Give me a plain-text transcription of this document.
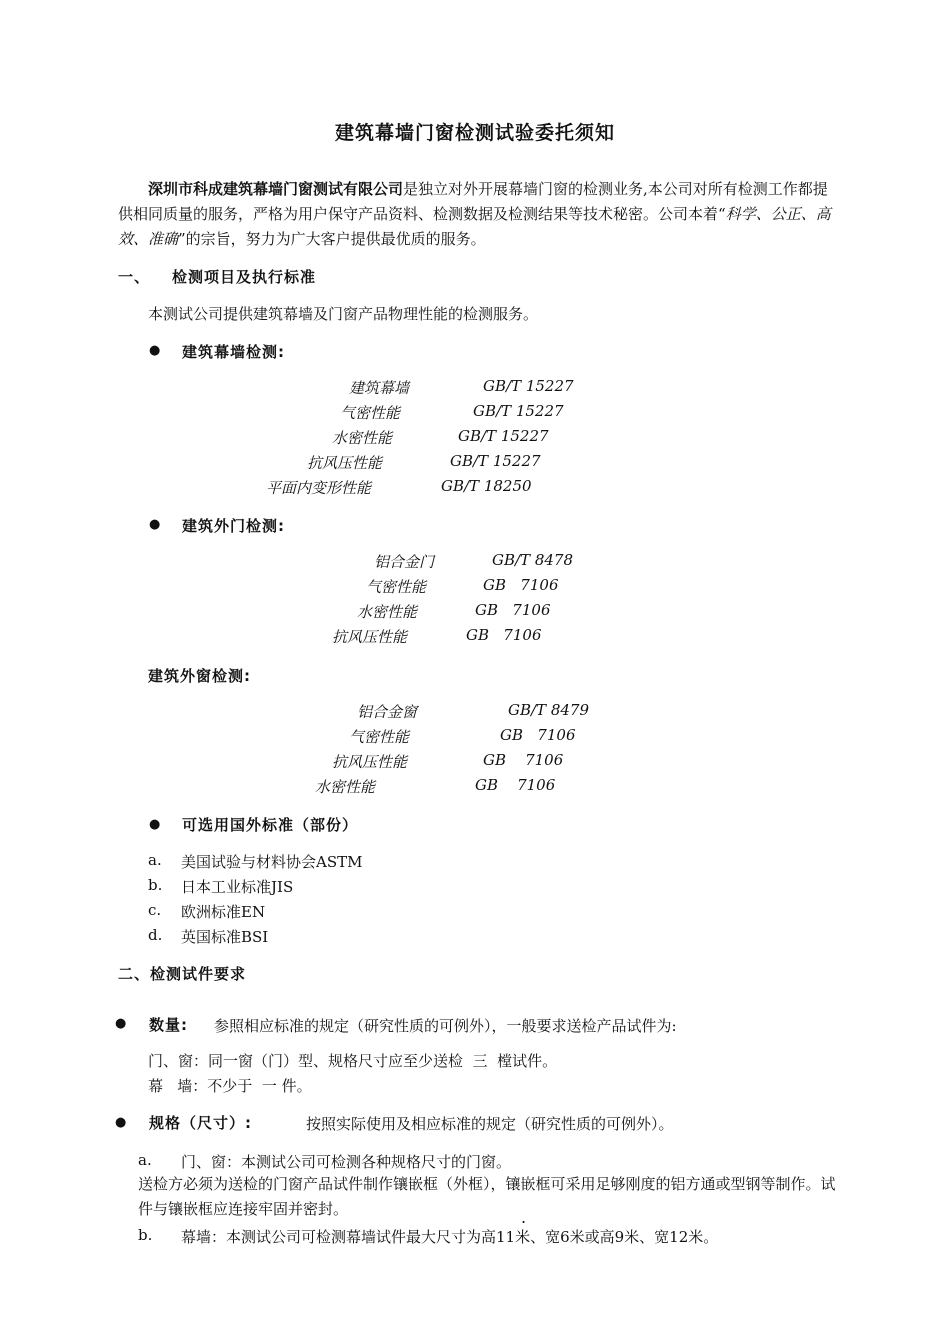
建筑幕墙门窗检测试验委托须知
深圳市科成建筑幕墙门窗测试有限公司是独立对外开展幕墙门窗的检测业务,本公司对所有检测工作都提供相同质量的服务，严格为用户保守产品资料、检测数据及检测结果等技术秘密。公司本着“科学、公正、高效、准确”的宗旨，努力为广大客户提供最优质的服务。
一、 检测项目及执行标准
本测试公司提供建筑幕墙及门窗产品物理性能的检测服务。
● 建筑幕墙检测:
建筑幕墙	GB/T 15227
气密性能	GB/T 15227
水密性能	GB/T 15227
抗风压性能	GB/T 15227
平面内变形性能	GB/T 18250
● 建筑外门检测:
铝合金门	GB/T 8478
气密性能	GB   7106
水密性能	GB   7106
抗风压性能	GB   7106
建筑外窗检测:
铝合金窗	GB/T 8479
气密性能	GB   7106
抗风压性能	GB    7106
水密性能	GB    7106
● 可选用国外标准（部份）
a. 美国试验与材料协会ASTM
b. 日本工业标准JIS
c. 欧洲标准EN
d. 英国标准BSI
二、检测试件要求
● 数量: 参照相应标准的规定（研究性质的可例外），一般要求送检产品试件为:
门、窗：同一窗（门）型、规格尺寸应至少送检  三  樘试件。
幕   墙：不少于  一 件。
● 规格（尺寸）:	按照实际使用及相应标准的规定（研究性质的可例外）。
a. 门、窗：本测试公司可检测各种规格尺寸的门窗。
送检方必须为送检的门窗产品试件制作镶嵌框（外框），镶嵌框可采用足够刚度的铝方通或型钢等制作。试件与镶嵌框应连接牢固并密封。
b. 幕墙：本测试公司可检测幕墙试件最大尺寸为高11米、宽6米或高9米、宽12米。
.
